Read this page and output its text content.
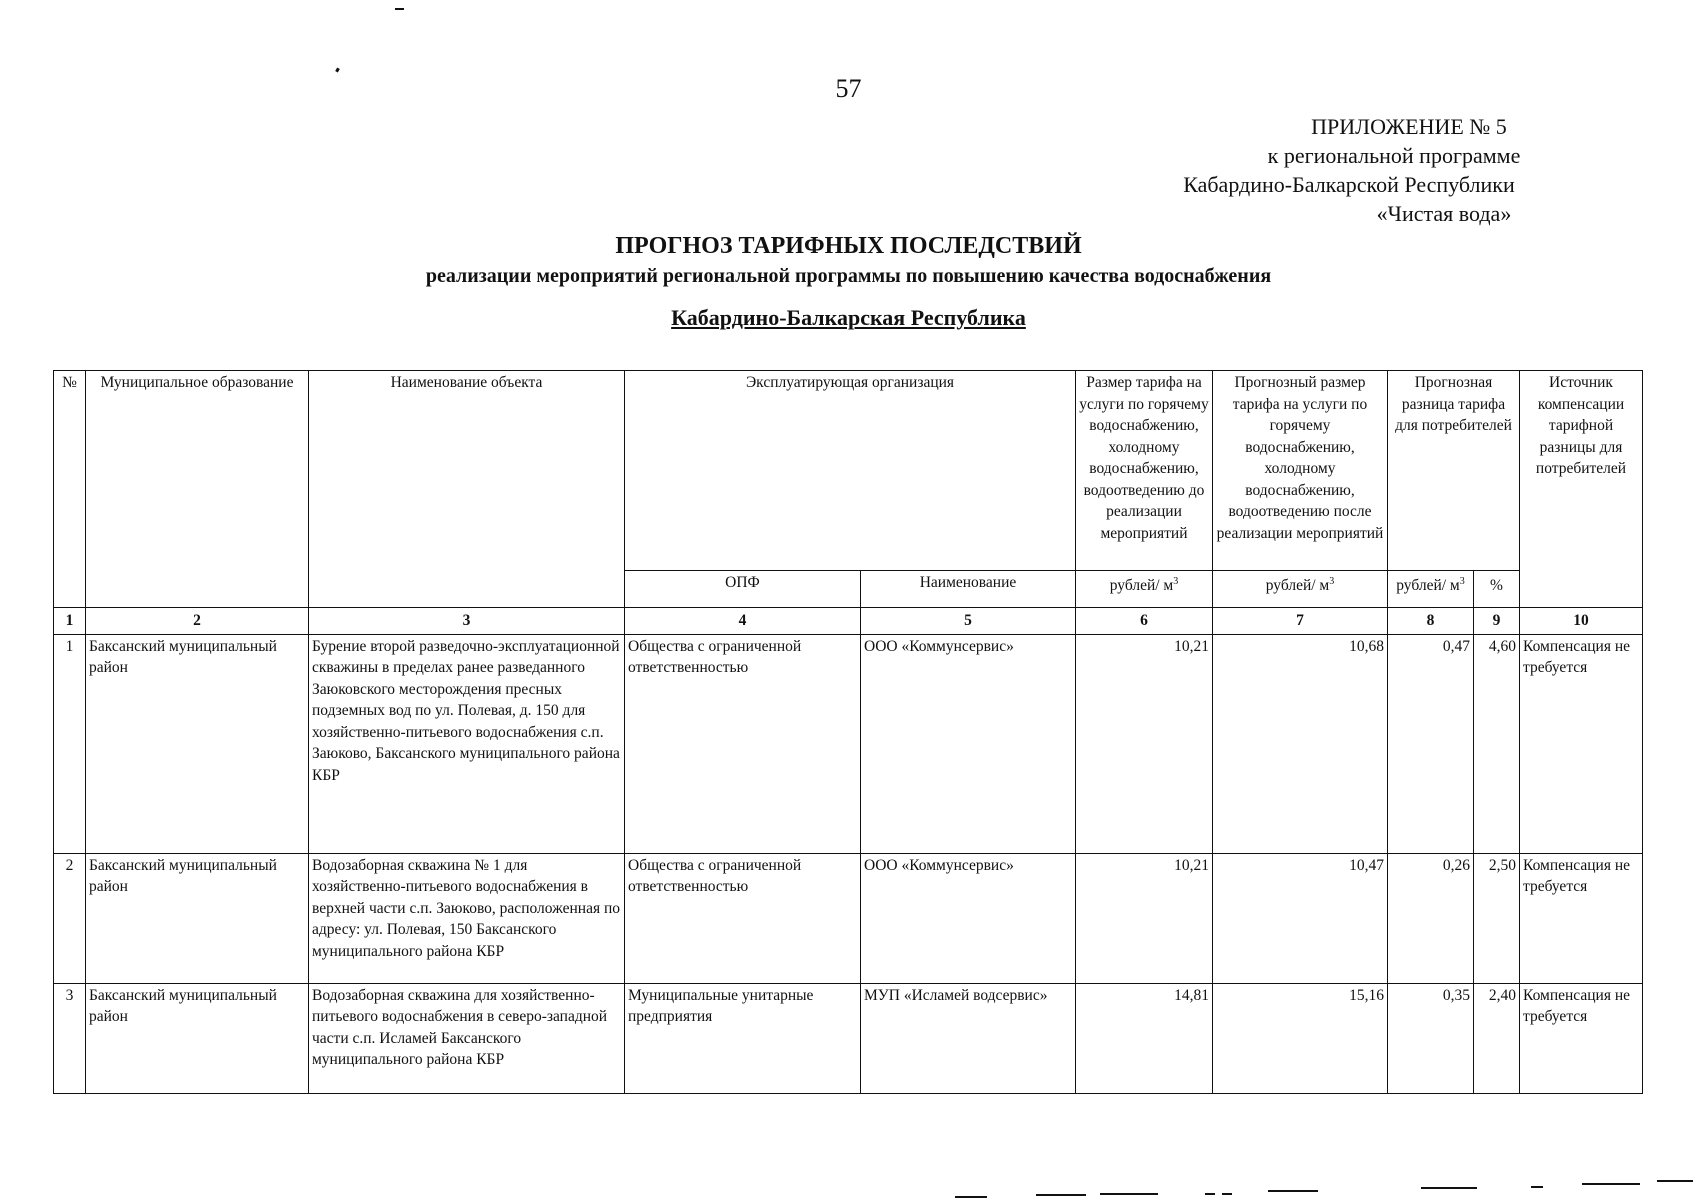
57
ПРИЛОЖЕНИЕ № 5
к региональной программе
Кабардино-Балкарской Республики
«Чистая вода»
ПРОГНОЗ ТАРИФНЫХ ПОСЛЕДСТВИЙ
реализации мероприятий региональной программы по повышению качества водоснабжения
Кабардино-Балкарская Республика
№	Муниципальное образование	Наименование объекта	Эксплуатирующая организация		Размер тарифа на услуги по горячему водоснабжению, холодному водоснабжению, водоотведению до реализации мероприятий	Прогнозный размер тарифа на услуги по горячему водоснабжению, холодному водоснабжению, водоотведению после реализации мероприятий	Прогнозная разница тарифа для потребителей		Источник компенсации тарифной разницы для потребителей
			ОПФ	Наименование	рублей/ $м^3$	рублей/ $м^3$	рублей/ $м^3$	%	
1	2	3	4	5	6	7	8	9	10
1	Баксанский муниципальный район	Бурение второй разведочно-эксплуатационной скважины в пределах ранее разведанного Заюковского месторождения пресных подземных вод по ул. Полевая, д. 150 для хозяйственно-питьевого водоснабжения с.п. Заюково, Баксанского муниципального района КБР	Общества с ограниченной ответственностью	ООО «Коммунсервис»	10,21	10,68	0,47	4,60	Компенсация не требуется
2	Баксанский муниципальный район	Водозаборная скважина № 1 для хозяйственно-питьевого водоснабжения в верхней части с.п. Заюково, расположенная по адресу: ул. Полевая, 150 Баксанского муниципального района КБР	Общества с ограниченной ответственностью	ООО «Коммунсервис»	10,21	10,47	0,26	2,50	Компенсация не требуется
3	Баксанский муниципальный район	Водозаборная скважина для хозяйственно-питьевого водоснабжения в северо-западной части с.п. Исламей Баксанского муниципального района КБР	Муниципальные унитарные предприятия	МУП «Исламей водсервис»	14,81	15,16	0,35	2,40	Компенсация не требуется
